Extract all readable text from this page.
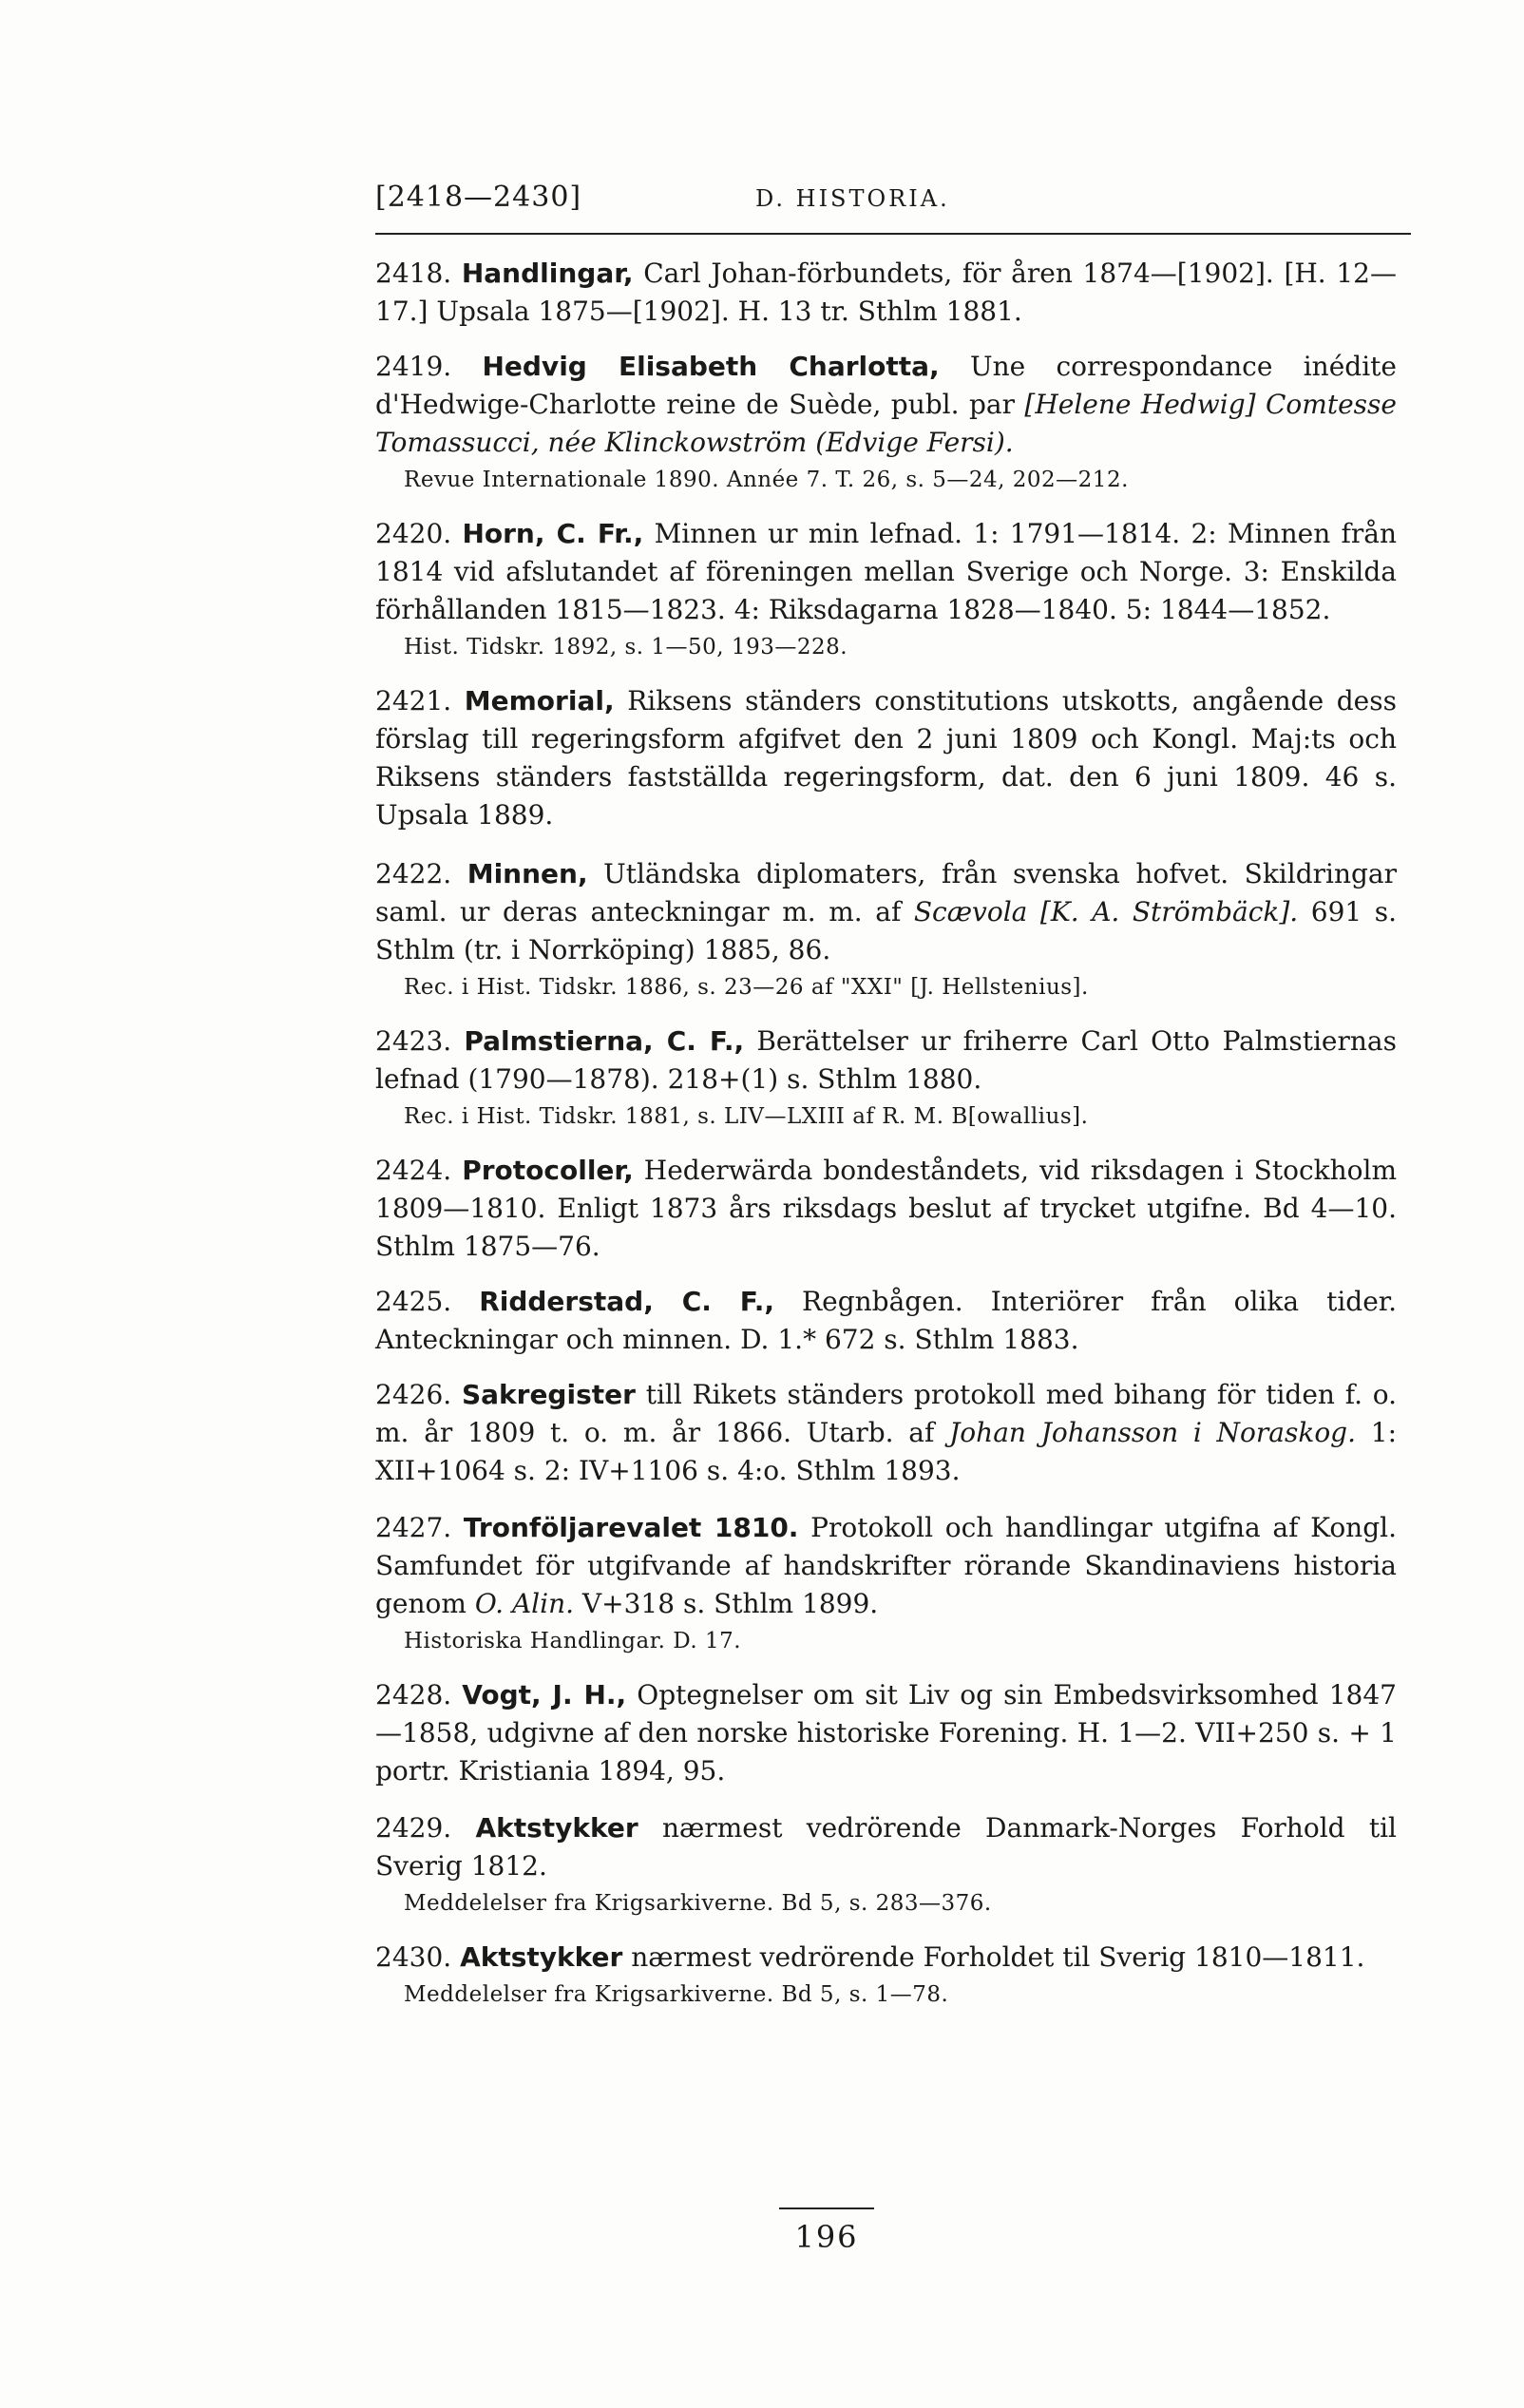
[2418—2430]	D. HISTORIA.
2418. Handlingar, Carl Johan-förbundets, för åren 1874—[1902]. [H. 12—17.] Upsala 1875—[1902]. H. 13 tr. Sthlm 1881.
2419. Hedvig Elisabeth Charlotta, Une correspondance inédite d'Hedwige-Charlotte reine de Suède, publ. par [Helene Hedwig] Comtesse Tomassucci, née Klinckowström (Edvige Fersi).
Revue Internationale 1890. Année 7. T. 26, s. 5—24, 202—212.
2420. Horn, C. Fr., Minnen ur min lefnad. 1: 1791—1814. 2: Minnen från 1814 vid afslutandet af föreningen mellan Sverige och Norge. 3: Enskilda förhållanden 1815—1823. 4: Riksdagarna 1828—1840. 5: 1844—1852.
Hist. Tidskr. 1892, s. 1—50, 193—228.
2421. Memorial, Riksens ständers constitutions utskotts, angående dess förslag till regeringsform afgifvet den 2 juni 1809 och Kongl. Maj:ts och Riksens ständers fastställda regeringsform, dat. den 6 juni 1809. 46 s. Upsala 1889.
2422. Minnen, Utländska diplomaters, från svenska hofvet. Skildringar saml. ur deras anteckningar m. m. af Scævola [K. A. Strömbäck]. 691 s. Sthlm (tr. i Norrköping) 1885, 86.
Rec. i Hist. Tidskr. 1886, s. 23—26 af "XXI" [J. Hellstenius].
2423. Palmstierna, C. F., Berättelser ur friherre Carl Otto Palmstiernas lefnad (1790—1878). 218+(1) s. Sthlm 1880.
Rec. i Hist. Tidskr. 1881, s. LIV—LXIII af R. M. B[owallius].
2424. Protocoller, Hederwärda bondeståndets, vid riksdagen i Stockholm 1809—1810. Enligt 1873 års riksdags beslut af trycket utgifne. Bd 4—10. Sthlm 1875—76.
2425. Ridderstad, C. F., Regnbågen. Interiörer från olika tider. Anteckningar och minnen. D. 1.* 672 s. Sthlm 1883.
2426. Sakregister till Rikets ständers protokoll med bihang för tiden f. o. m. år 1809 t. o. m. år 1866. Utarb. af Johan Johansson i Noraskog. 1: XII+1064 s. 2: IV+1106 s. 4:o. Sthlm 1893.
2427. Tronföljarevalet 1810. Protokoll och handlingar utgifna af Kongl. Samfundet för utgifvande af handskrifter rörande Skandinaviens historia genom O. Alin. V+318 s. Sthlm 1899.
Historiska Handlingar. D. 17.
2428. Vogt, J. H., Optegnelser om sit Liv og sin Embedsvirksomhed 1847—1858, udgivne af den norske historiske Forening. H. 1—2. VII+250 s. + 1 portr. Kristiania 1894, 95.
2429. Aktstykker nærmest vedrörende Danmark-Norges Forhold til Sverig 1812.
Meddelelser fra Krigsarkiverne. Bd 5, s. 283—376.
2430. Aktstykker nærmest vedrörende Forholdet til Sverig 1810—1811.
Meddelelser fra Krigsarkiverne. Bd 5, s. 1—78.
196
